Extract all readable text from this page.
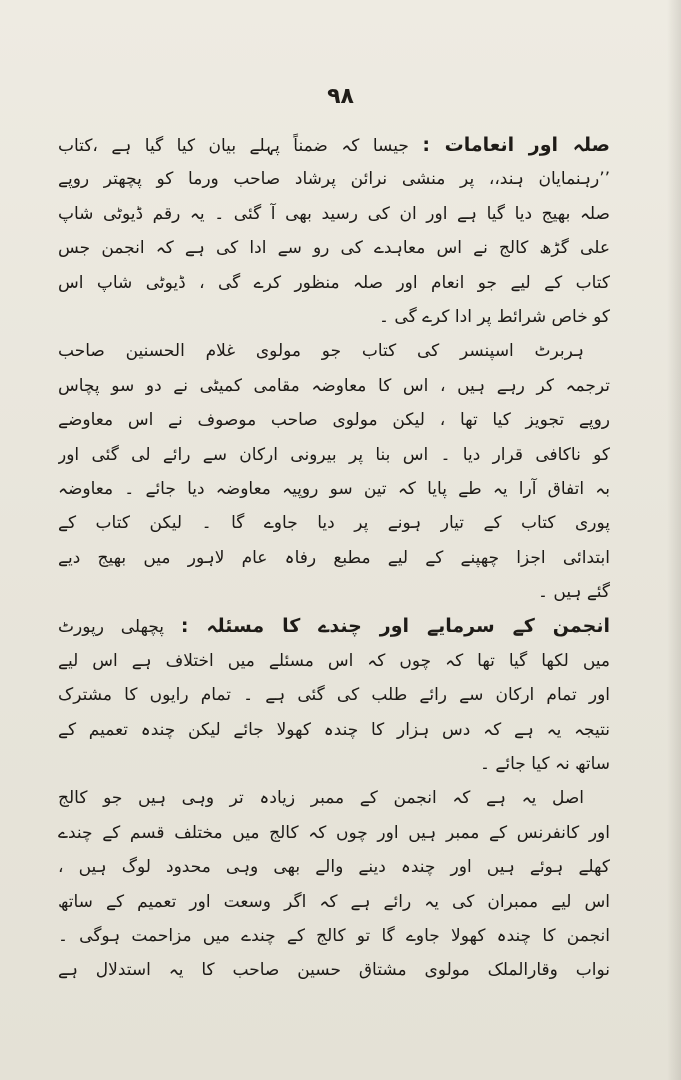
۹۸
صلہ اور انعامات : جیسا کہ ضمناً پہلے بیان کیا گیا ہے ،کتاب
’’رہنمایان ہند،، پر منشی نرائن پرشاد صاحب ورما کو پچھتر روپے
صلہ بھیج دیا گیا ہے اور ان کی رسید بھی آ گئی ۔ یہ رقم ڈیوٹی شاپ
علی گڑھ کالج نے اس معاہدے کی رو سے ادا کی ہے کہ انجمن جس
کتاب کے لیے جو انعام اور صلہ منظور کرے گی ، ڈیوٹی شاپ اس
کو خاص شرائط پر ادا کرے گی ۔
ہربرٹ اسپنسر کی کتاب جو مولوی غلام الحسنین صاحب
ترجمہ کر رہے ہیں ، اس کا معاوضہ مقامی کمیٹی نے دو سو پچاس
روپے تجویز کیا تھا ، لیکن مولوی صاحب موصوف نے اس معاوضے
کو ناکافی قرار دیا ۔ اس بنا پر بیرونی ارکان سے رائے لی گئی اور
بہ اتفاق آرا یہ طے پایا کہ تین سو روپیہ معاوضہ دیا جائے ۔ معاوضہ
پوری کتاب کے تیار ہونے پر دیا جاوے گا ۔ لیکن کتاب کے
ابتدائی اجزا چھپنے کے لیے مطبع رفاہ عام لاہور میں بھیج دیے
گئے ہیں ۔
انجمن کے سرمایے اور چندے کا مسئلہ : پچھلی رپورٹ
میں لکھا گیا تھا کہ چوں کہ اس مسئلے میں اختلاف ہے اس لیے
اور تمام ارکان سے رائے طلب کی گئی ہے ۔ تمام رایوں کا مشترک
نتیجہ یہ ہے کہ دس ہزار کا چندہ کھولا جائے لیکن چندہ تعمیم کے
ساتھ نہ کیا جائے ۔
اصل یہ ہے کہ انجمن کے ممبر زیادہ تر وہی ہیں جو کالج
اور کانفرنس کے ممبر ہیں اور چوں کہ کالج میں مختلف قسم کے چندے
کھلے ہوئے ہیں اور چندہ دینے والے بھی وہی محدود لوگ ہیں ،
اس لیے ممبران کی یہ رائے ہے کہ اگر وسعت اور تعمیم کے ساتھ
انجمن کا چندہ کھولا جاوے گا تو کالج کے چندے میں مزاحمت ہوگی ۔
نواب وقارالملک مولوی مشتاق حسین صاحب کا یہ استدلال ہے
